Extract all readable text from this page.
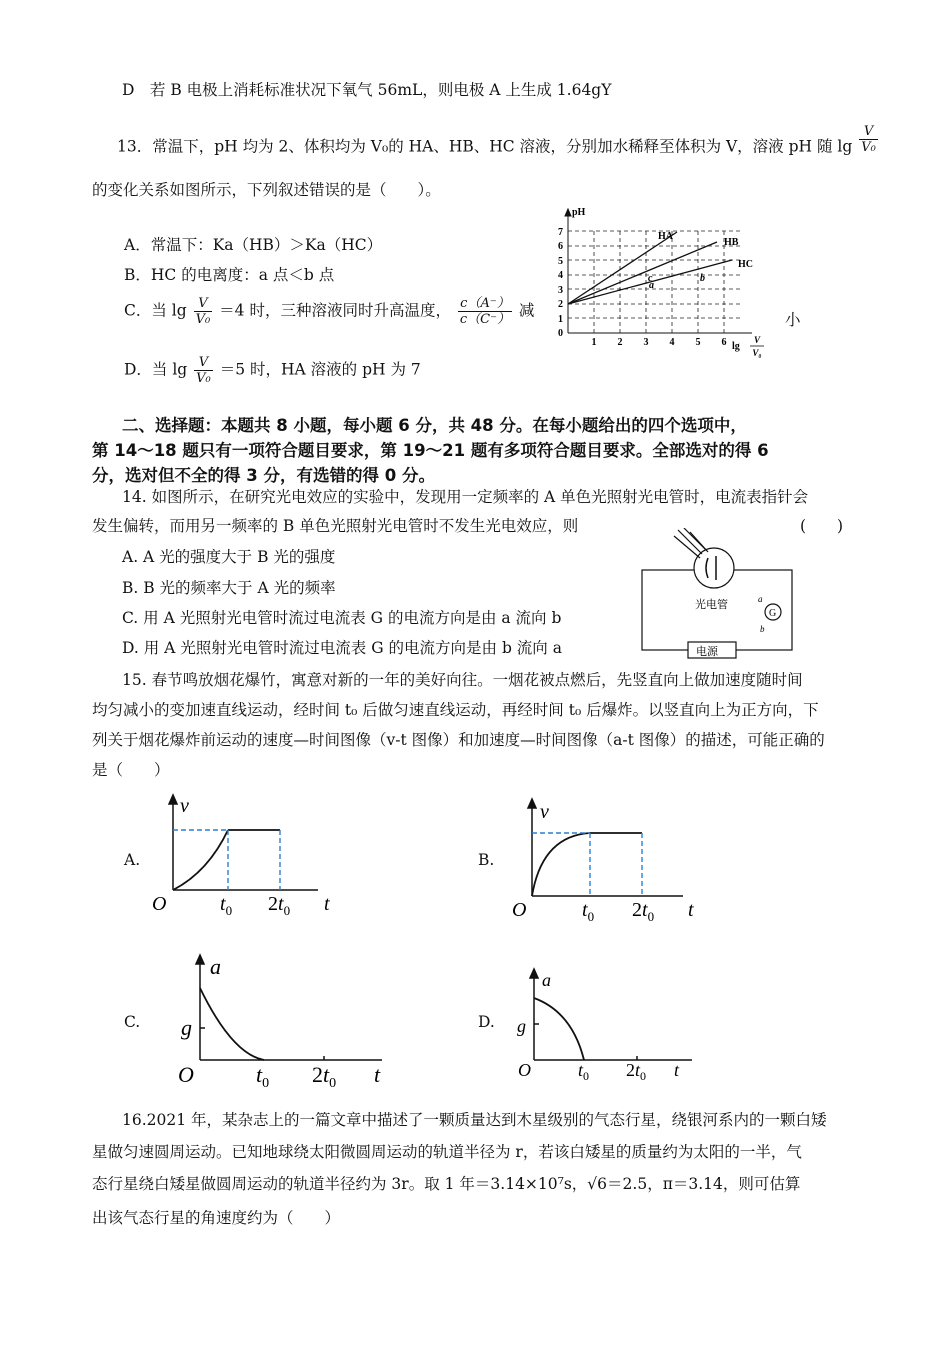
D　若 B 电极上消耗标准状况下氧气 56mL，则电极 A 上生成 1.64gY
13．常温下，pH 均为 2、体积均为 V₀的 HA、HB、HC 溶液，分别加水稀释至体积为 V，溶液 pH 随 $\lg \frac{V}{\text{V₀}}$
的变化关系如图所示，下列叙述错误的是（　　）。
A．常温下：Ka（HB）＞Ka（HC）
B．HC 的电离度：a 点＜b 点
C．当 $\lg \frac{V}{\text{V₀}} =4$ 时，三种溶液同时升高温度， $\frac{c(A^-)}{c(C^-)}$ 减
小
D．当 $\lg \frac{V}{\text{V₀}} =5$ 时，HA 溶液的 pH 为 7
pH
0
1
2
3
4
5
6
7
1 2 3 4 5 6
HA
HB
HC
c
a
b
lg
V
V₀
二、选择题：本题共 8 小题，每小题 6 分，共 48 分。在每小题给出的四个选项中，
第 14～18 题只有一项符合题目要求，第 19～21 题有多项符合题目要求。全部选对的得 6
分，选对但不全的得 3 分，有选错的得 0 分。
14. 如图所示，在研究光电效应的实验中，发现用一定频率的 A 单色光照射光电管时，电流表指针会
发生偏转，而用另一频率的 B 单色光照射光电管时不发生光电效应，则	(　　)
A. A 光的强度大于 B 光的强度
B. B 光的频率大于 A 光的频率
C. 用 A 光照射光电管时流过电流表 G 的电流方向是由 a 流向 b
D. 用 A 光照射光电管时流过电流表 G 的电流方向是由 b 流向 a
光电管
G
a
b
电源
15. 春节鸣放烟花爆竹，寓意对新的一年的美好向往。一烟花被点燃后，先竖直向上做加速度随时间
均匀减小的变加速直线运动，经时间 t₀ 后做匀速直线运动，再经时间 t₀ 后爆炸。以竖直向上为正方向，下
列关于烟花爆炸前运动的速度—时间图像（v-t 图像）和加速度—时间图像（a-t 图像）的描述，可能正确的
是（　　）
A.	B.
C.	D.
v
O	$t_0$ $2t_0$ t
v
O	$t_0$ $2t_0$ t
a
g
O	$t_0$ $2t_0$ t
a
g
O	$t_0$ $2t_0$ t
16.2021 年，某杂志上的一篇文章中描述了一颗质量达到木星级别的气态行星，绕银河系内的一颗白矮
星做匀速圆周运动。已知地球绕太阳微圆周运动的轨道半径为 r，若该白矮星的质量约为太阳的一半，气
态行星绕白矮星做圆周运动的轨道半径约为 3r。取 1 年＝3.14×10⁷s，√6＝2.5，π＝3.14，则可估算
出该气态行星的角速度约为（　　）
